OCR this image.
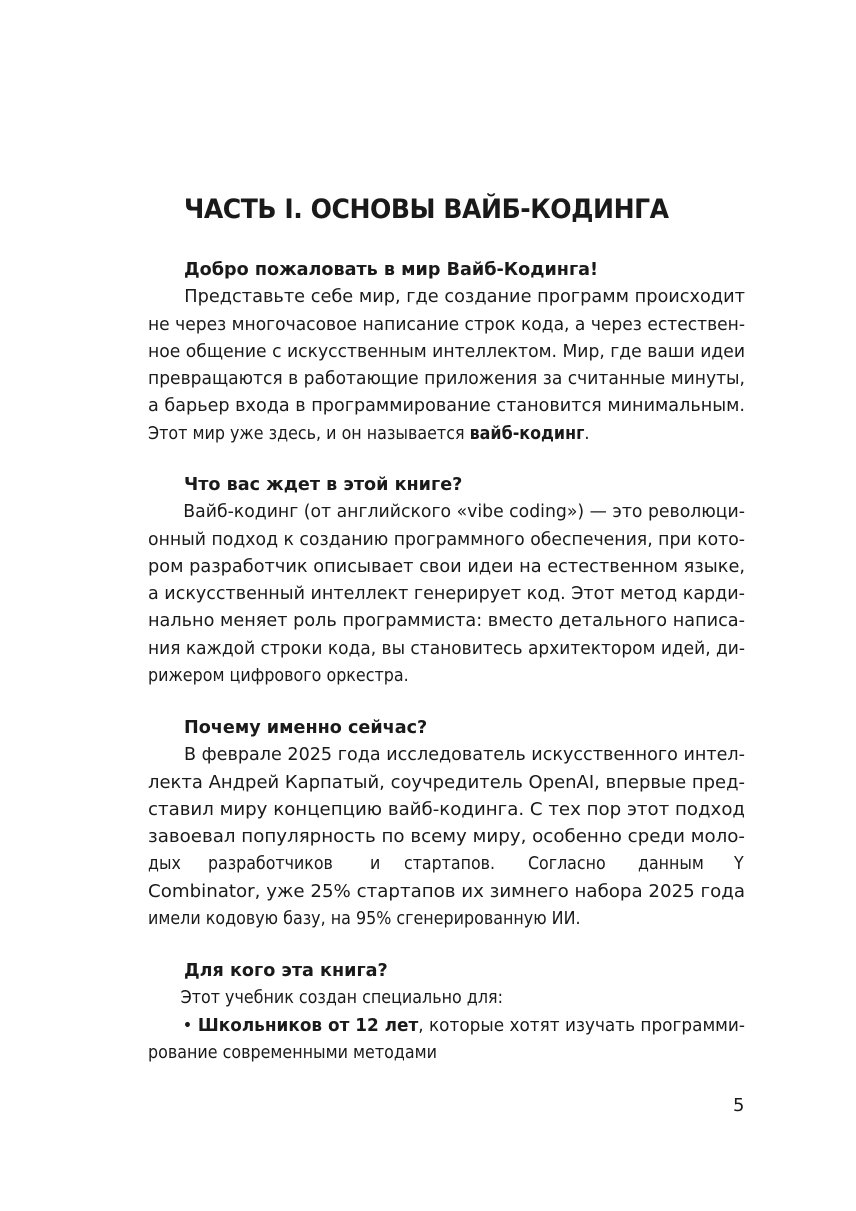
ЧАСТЬ I. ОСНОВЫ ВАЙБ-КОДИНГА
Добро пожаловать в мир Вайб-Кодинга!
Представьте себе мир, где создание программ происходит
не через многочасовое написание строк кода, а через естествен-
ное общение с искусственным интеллектом. Мир, где ваши идеи
превращаются в работающие приложения за считанные минуты,
а барьер входа в программирование становится минимальным.
Этот мир уже здесь, и он называется вайб-кодинг.
Что вас ждет в этой книге?
Вайб-кодинг (от английского «vibe coding») — это революци-
онный подход к созданию программного обеспечения, при кото-
ром разработчик описывает свои идеи на естественном языке,
а искусственный интеллект генерирует код. Этот метод карди-
нально меняет роль программиста: вместо детального написа-
ния каждой строки кода, вы становитесь архитектором идей, ди-
рижером цифрового оркестра.
Почему именно сейчас?
В феврале 2025 года исследователь искусственного интел-
лекта Андрей Карпатый, соучредитель OpenAI, впервые пред-
ставил миру концепцию вайб-кодинга. С тех пор этот подход
завоевал популярность по всему миру, особенно среди моло-
дых разработчиков и стартапов. Согласно данным Y
Combinator, уже 25% стартапов их зимнего набора 2025 года
имели кодовую базу, на 95% сгенерированную ИИ.
Для кого эта книга?
Этот учебник создан специально для:
• Школьников от 12 лет, которые хотят изучать программи-
рование современными методами
5
